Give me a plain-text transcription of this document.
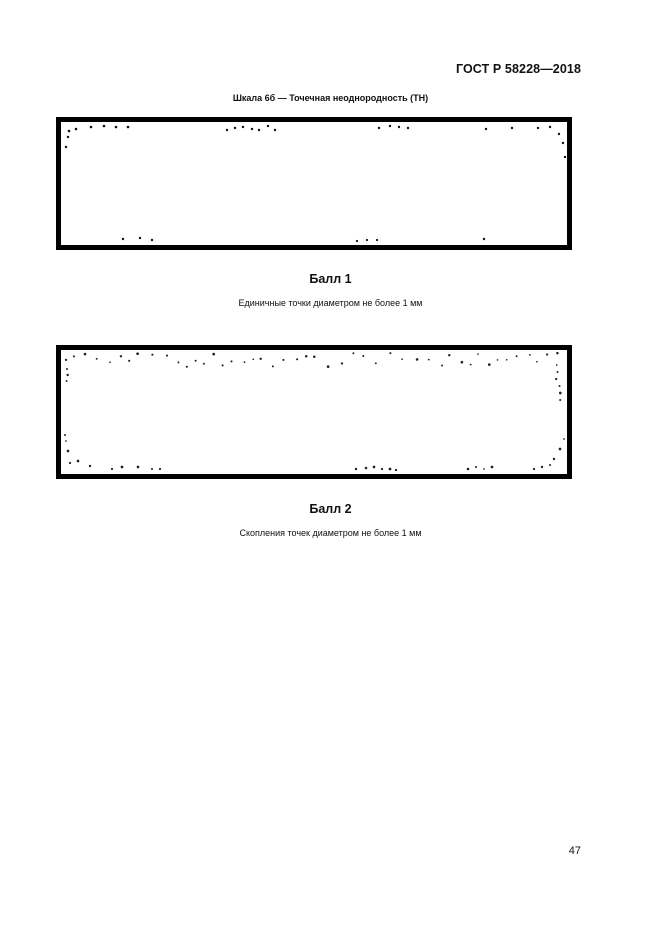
ГОСТ Р 58228—2018
Шкала 6б — Точечная неоднородность (ТН)
Балл 1
Единичные точки диаметром не более 1 мм
Балл 2
Скопления точек диаметром не более 1 мм
47
